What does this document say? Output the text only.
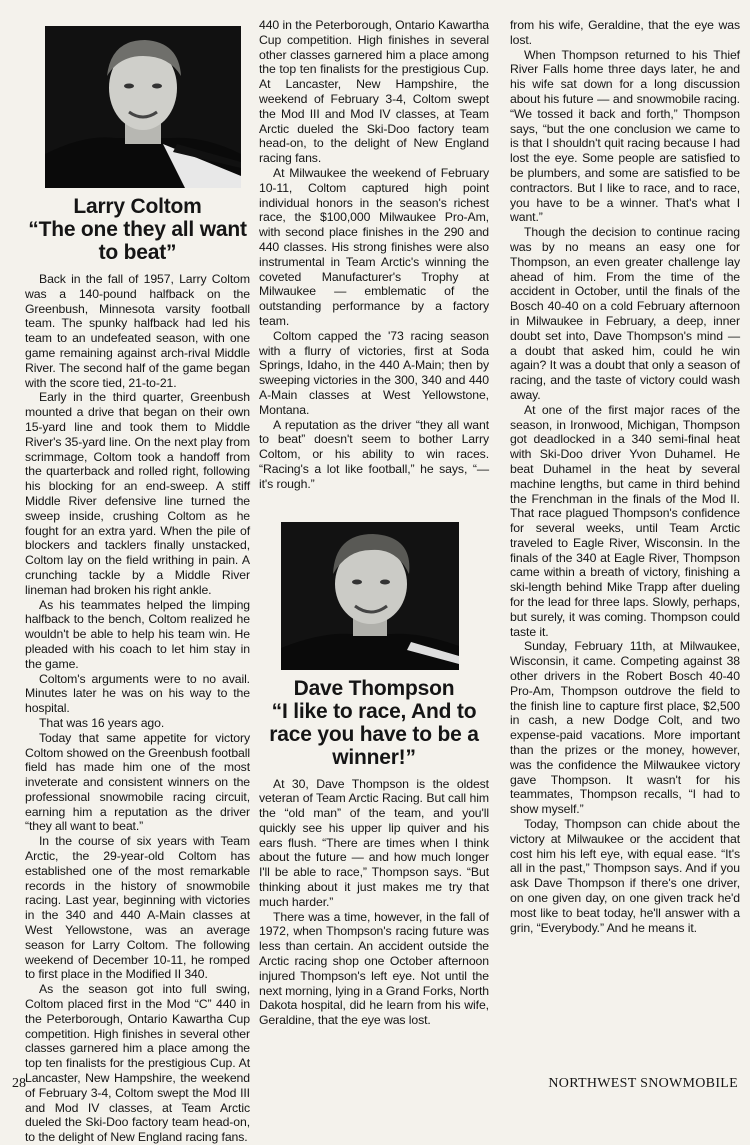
Larry Coltom
“The one they all want to beat”

Back in the fall of 1957, Larry Coltom was a 140-pound halfback on the Greenbush, Minnesota varsity football team. The spunky halfback had led his team to an undefeated season, with one game remaining against arch-rival Middle River. The second half of the game began with the score tied, 21-to-21.

Early in the third quarter, Greenbush mounted a drive that began on their own 15-yard line and took them to Middle River's 35-yard line. On the next play from scrimmage, Coltom took a handoff from the quarterback and rolled right, following his blocking for an end-sweep. A stiff Middle River defensive line turned the sweep inside, crushing Coltom as he fought for an extra yard. When the pile of blockers and tacklers finally unstacked, Coltom lay on the field writhing in pain. A crunching tackle by a Middle River lineman had broken his right ankle.

As his teammates helped the limping halfback to the bench, Coltom realized he wouldn't be able to help his team win. He pleaded with his coach to let him stay in the game.

Coltom's arguments were to no avail. Minutes later he was on his way to the hospital.

That was 16 years ago.

Today that same appetite for victory Coltom showed on the Greenbush football field has made him one of the most inveterate and consistent winners on the professional snowmobile racing circuit, earning him a reputation as the driver “they all want to beat.”

In the course of six years with Team Arctic, the 29-year-old Coltom has established one of the most remarkable records in the history of snowmobile racing. Last year, beginning with victories in the 340 and 440 A-Main classes at West Yellowstone, was an average season for Larry Coltom. The following weekend of December 10-11, he romped to first place in the Modified II 340.

As the season got into full swing, Coltom placed first in the Mod “C” 440 in the Peterborough, Ontario Kawartha Cup competition. High finishes in several other classes garnered him a place among the top ten finalists for the prestigious Cup. At Lancaster, New Hampshire, the weekend of February 3-4, Coltom swept the Mod III and Mod IV classes, at Team Arctic dueled the Ski-Doo factory team head-on, to the delight of New England racing fans.

440 in the Peterborough, Ontario Kawartha Cup competition. High finishes in several other classes garnered him a place among the top ten finalists for the prestigious Cup. At Lancaster, New Hampshire, the weekend of February 3-4, Coltom swept the Mod III and Mod IV classes, at Team Arctic dueled the Ski-Doo factory team head-on, to the delight of New England racing fans.

At Milwaukee the weekend of February 10-11, Coltom captured high point individual honors in the season's richest race, the $100,000 Milwaukee Pro-Am, with second place finishes in the 290 and 440 classes. His strong finishes were also instrumental in Team Arctic's winning the coveted Manufacturer's Trophy at Milwaukee — emblematic of the outstanding performance by a factory team.

Coltom capped the '73 racing season with a flurry of victories, first at Soda Springs, Idaho, in the 440 A-Main; then by sweeping victories in the 300, 340 and 440 A-Main classes at West Yellowstone, Montana.

A reputation as the driver “they all want to beat” doesn't seem to bother Larry Coltom, or his ability to win races. “Racing's a lot like football,” he says, “— it's rough.”

Dave Thompson
“I like to race, And to race you have to be a winner!”

At 30, Dave Thompson is the oldest veteran of Team Arctic Racing. But call him the “old man” of the team, and you'll quickly see his upper lip quiver and his ears flush. “There are times when I think about the future — and how much longer I'll be able to race,” Thompson says. “But thinking about it just makes me try that much harder.”

There was a time, however, in the fall of 1972, when Thompson's racing future was less than certain. An accident outside the Arctic racing shop one October afternoon injured Thompson's left eye. Not until the next morning, lying in a Grand Forks, North Dakota hospital, did he learn from his wife, Geraldine, that the eye was lost.

from his wife, Geraldine, that the eye was lost.

When Thompson returned to his Thief River Falls home three days later, he and his wife sat down for a long discussion about his future — and snowmobile racing. “We tossed it back and forth,” Thompson says, “but the one conclusion we came to is that I shouldn't quit racing because I had lost the eye. Some people are satisfied to be plumbers, and some are satisfied to be contractors. But I like to race, and to race, you have to be a winner. That's what I want.”

Though the decision to continue racing was by no means an easy one for Thompson, an even greater challenge lay ahead of him. From the time of the accident in October, until the finals of the Bosch 40-40 on a cold February afternoon in Milwaukee in February, a deep, inner doubt set into, Dave Thompson's mind — a doubt that asked him, could he win again? It was a doubt that only a season of racing, and the taste of victory could wash away.

At one of the first major races of the season, in Ironwood, Michigan, Thompson got deadlocked in a 340 semi-final heat with Ski-Doo driver Yvon Duhamel. He beat Duhamel in the heat by several machine lengths, but came in third behind the Frenchman in the finals of the Mod II. That race plagued Thompson's confidence for several weeks, until Team Arctic traveled to Eagle River, Wisconsin. In the finals of the 340 at Eagle River, Thompson came within a breath of victory, finishing a ski-length behind Mike Trapp after dueling for the lead for three laps. Slowly, perhaps, but surely, it was coming. Thompson could taste it.

Sunday, February 11th, at Milwaukee, Wisconsin, it came. Competing against 38 other drivers in the Robert Bosch 40-40 Pro-Am, Thompson outdrove the field to the finish line to capture first place, $2,500 in cash, a new Dodge Colt, and two expense-paid vacations. More important than the prizes or the money, however, was the confidence the Milwaukee victory gave Thompson. It wasn't for his teammates, Thompson recalls, “I had to show myself.”

Today, Thompson can chide about the victory at Milwaukee or the accident that cost him his left eye, with equal ease. “It's all in the past,” Thompson says. And if you ask Dave Thompson if there's one driver, on one given day, on one given track he'd most like to beat today, he'll answer with a grin, “Everybody.” And he means it.

28	NORTHWEST SNOWMOBILE
